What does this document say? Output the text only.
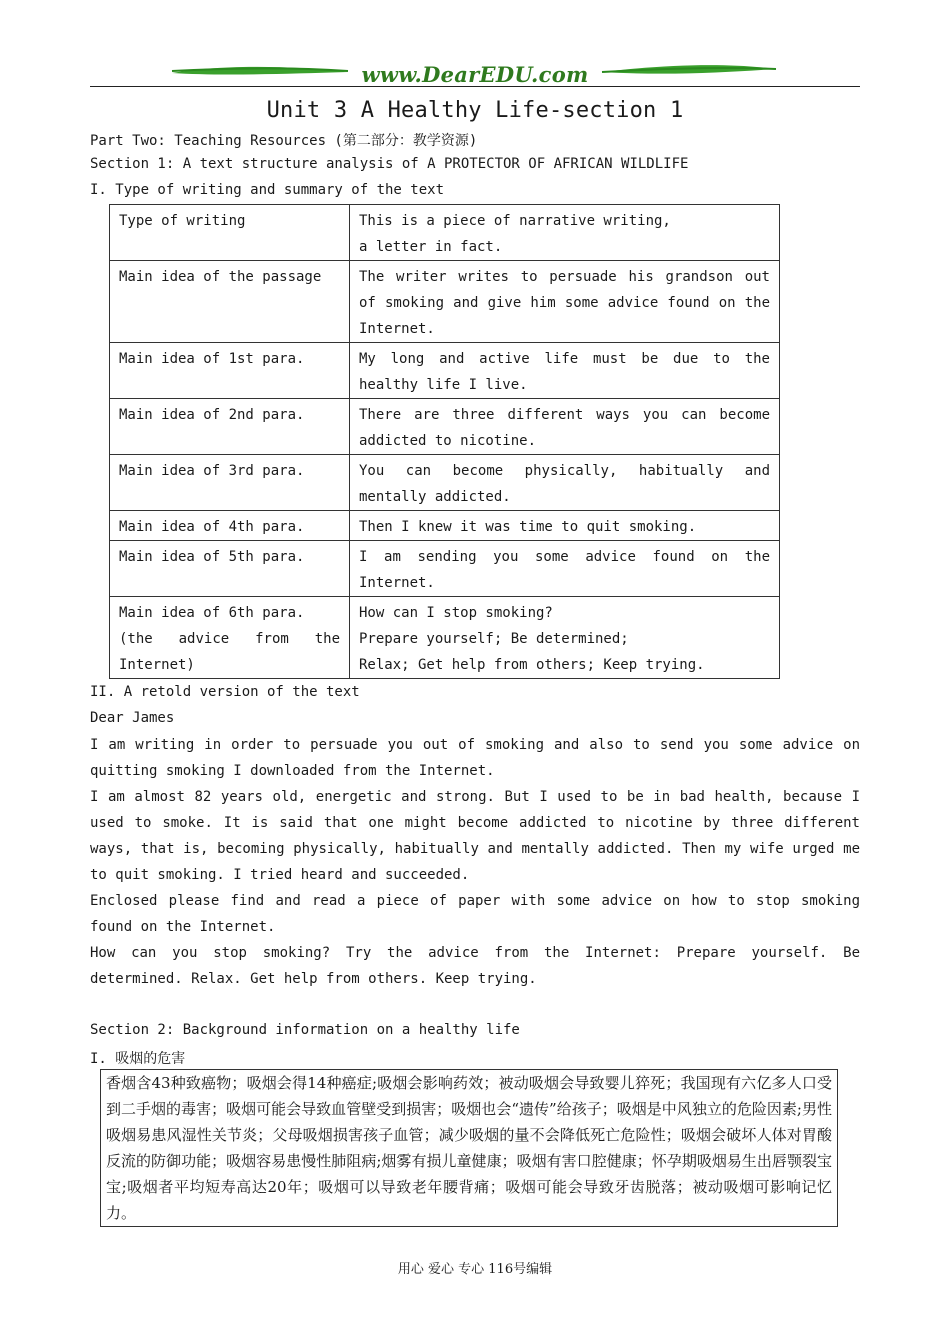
www.DearEDU.com
Unit 3 A Healthy Life-section 1
Part Two: Teaching Resources (第二部分：教学资源)
Section 1: A text structure analysis of A PROTECTOR OF AFRICAN WILDLIFE
I. Type of writing and summary of the text
Type of writing	This is a piece of narrative writing,
a letter in fact.

Main idea of the passage	The writer writes to persuade his grandson out of smoking and give him some advice found on the Internet.

Main idea of 1st para.	My long and active life must be due to the healthy life I live.

Main idea of 2nd para.	There are three different ways you can become addicted to nicotine.

Main idea of 3rd para.	You can become physically, habitually and mentally addicted.

Main idea of 4th para.	Then I knew it was time to quit smoking.

Main idea of 5th para.	I am sending you some advice found on the Internet.

Main idea of 6th para.
(the advice from the Internet)	How can I stop smoking?
Prepare yourself; Be determined;
Relax; Get help from others; Keep trying.
II. A retold version of the text
Dear James
I am writing in order to persuade you out of smoking and also to send you some advice on quitting smoking I downloaded from the Internet.
I am almost 82 years old, energetic and strong. But I used to be in bad health, because I used to smoke. It is said that one might become addicted to nicotine by three different ways, that is, becoming physically, habitually and mentally addicted. Then my wife urged me to quit smoking. I tried heard and succeeded.
Enclosed please find and read a piece of paper with some advice on how to stop smoking found on the Internet.
How can you stop smoking? Try the advice from the Internet: Prepare yourself. Be determined. Relax. Get help from others. Keep trying.
Section 2: Background information on a healthy life
I. 吸烟的危害
香烟含43种致癌物；吸烟会得14种癌症;吸烟会影响药效；被动吸烟会导致婴儿猝死；我国现有六亿多人口受到二手烟的毒害；吸烟可能会导致血管壁受到损害；吸烟也会“遗传”给孩子；吸烟是中风独立的危险因素;男性吸烟易患风湿性关节炎；父母吸烟损害孩子血管；减少吸烟的量不会降低死亡危险性；吸烟会破坏人体对胃酸反流的防御功能；吸烟容易患慢性肺阻病;烟雾有损儿童健康；吸烟有害口腔健康；怀孕期吸烟易生出唇颚裂宝宝;吸烟者平均短寿高达20年；吸烟可以导致老年腰背痛；吸烟可能会导致牙齿脱落；被动吸烟可影响记忆力。
用心 爱心 专心 116号编辑
